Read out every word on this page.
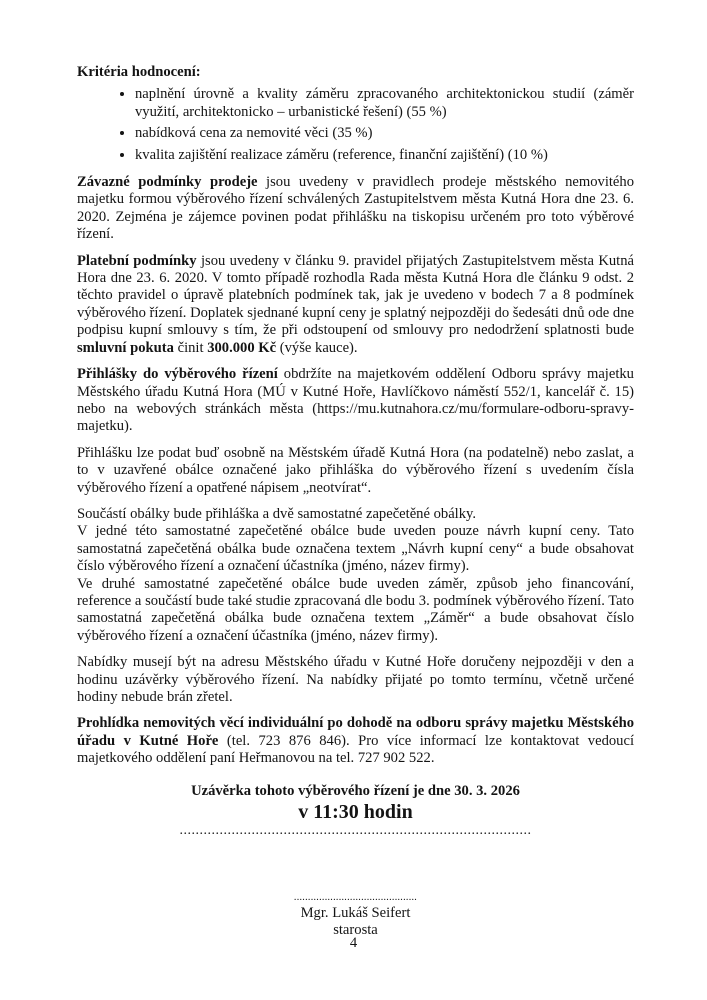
Kritéria hodnocení:

• naplnění úrovně a kvality záměru zpracovaného architektonickou studií (záměr využití, architektonicko – urbanistické řešení) (55 %)
• nabídková cena za nemovité věci (35 %)
• kvalita zajištění realizace záměru (reference, finanční zajištění) (10 %)

Závazné podmínky prodeje jsou uvedeny v pravidlech prodeje městského nemovitého majetku formou výběrového řízení schválených Zastupitelstvem města Kutná Hora dne 23. 6. 2020. Zejména je zájemce povinen podat přihlášku na tiskopisu určeném pro toto výběrové řízení.

Platební podmínky jsou uvedeny v článku 9. pravidel přijatých Zastupitelstvem města Kutná Hora dne 23. 6. 2020. V tomto případě rozhodla Rada města Kutná Hora dle článku 9 odst. 2 těchto pravidel o úpravě platebních podmínek tak, jak je uvedeno v bodech 7 a 8 podmínek výběrového řízení. Doplatek sjednané kupní ceny je splatný nejpozději do šedesáti dnů ode dne podpisu kupní smlouvy s tím, že při odstoupení od smlouvy pro nedodržení splatnosti bude smluvní pokuta činit 300.000 Kč (výše kauce).

Přihlášky do výběrového řízení obdržíte na majetkovém oddělení Odboru správy majetku Městského úřadu Kutná Hora (MÚ v Kutné Hoře, Havlíčkovo náměstí 552/1, kancelář č. 15) nebo na webových stránkách města (https://mu.kutnahora.cz/mu/formulare-odboru-spravy-majetku).

Přihlášku lze podat buď osobně na Městském úřadě Kutná Hora (na podatelně) nebo zaslat, a to v uzavřené obálce označené jako přihláška do výběrového řízení s uvedením čísla výběrového řízení a opatřené nápisem „neotvírat“.

Součástí obálky bude přihláška a dvě samostatné zapečetěné obálky.

V jedné této samostatné zapečetěné obálce bude uveden pouze návrh kupní ceny. Tato samostatná zapečetěná obálka bude označena textem „Návrh kupní ceny“ a bude obsahovat číslo výběrového řízení a označení účastníka (jméno, název firmy).

Ve druhé samostatné zapečetěné obálce bude uveden záměr, způsob jeho financování, reference a součástí bude také studie zpracovaná dle bodu 3. podmínek výběrového řízení. Tato samostatná zapečetěná obálka bude označena textem „Záměr“ a bude obsahovat číslo výběrového řízení a označení účastníka (jméno, název firmy).

Nabídky musejí být na adresu Městského úřadu v Kutné Hoře doručeny nejpozději v den a hodinu uzávěrky výběrového řízení. Na nabídky přijaté po tomto termínu, včetně určené hodiny nebude brán zřetel.

Prohlídka nemovitých věcí individuální po dohodě na odboru správy majetku Městského úřadu v Kutné Hoře (tel. 723 876 846). Pro více informací lze kontaktovat vedoucí majetkového oddělení paní Heřmanovou na tel. 727 902 522.

Uzávěrka tohoto výběrového řízení je dne 30. 3. 2026

v 11:30 hodin

........................................................................................

............................................

Mgr. Lukáš Seifert

starosta

4
